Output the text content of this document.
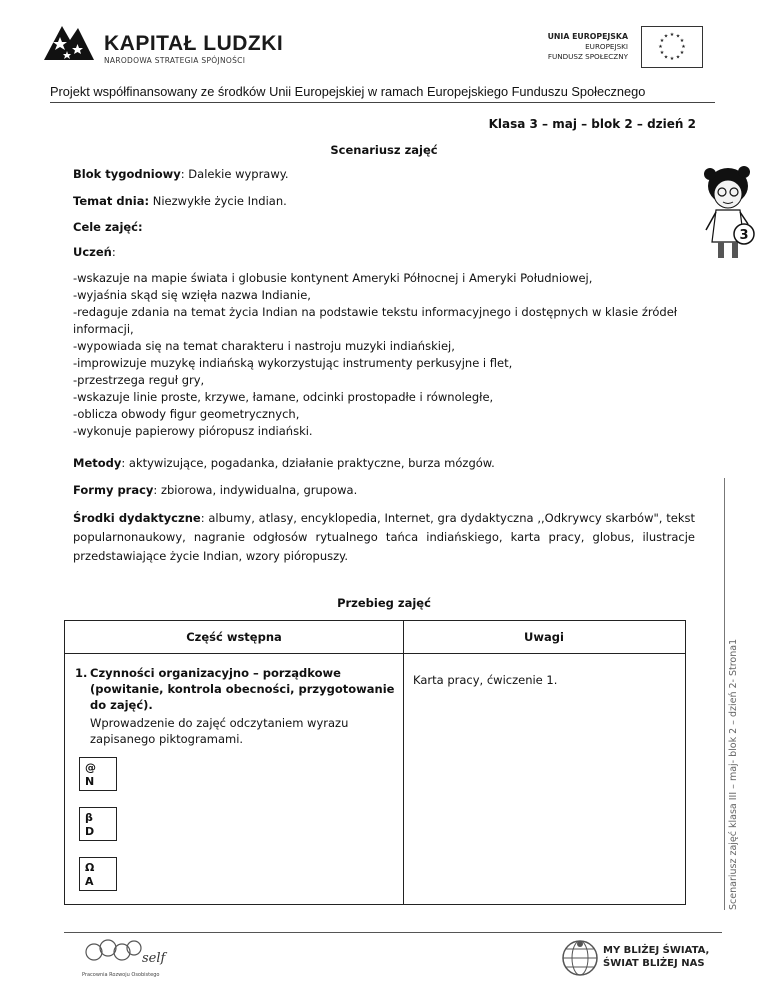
KAPITAŁ LUDZKI
NARODOWA STRATEGIA SPÓJNOŚCI
UNIA EUROPEJSKA
EUROPEJSKI
FUNDUSZ SPOŁECZNY
★ ★
★
★
★
★
★
★
★
★
★
★
Projekt współfinansowany ze środków Unii Europejskiej w ramach Europejskiego Funduszu Społecznego
Klasa 3 – maj – blok 2 – dzień 2
Scenariusz zajęć
Blok tygodniowy: Dalekie wyprawy.
Temat dnia: Niezwykłe życie Indian.
Cele zajęć:
Uczeń:
-wskazuje na mapie świata i globusie kontynent Ameryki Północnej i Ameryki Południowej,
-wyjaśnia skąd się wzięła nazwa Indianie,
-redaguje zdania na temat życia Indian na podstawie tekstu informacyjnego i dostępnych w klasie źródeł informacji,
-wypowiada się na temat charakteru i nastroju muzyki indiańskiej,
-improwizuje muzykę indiańską wykorzystując instrumenty perkusyjne i flet,
-przestrzega reguł gry,
-wskazuje linie proste, krzywe, łamane, odcinki prostopadłe i równoległe,
-oblicza obwody figur geometrycznych,
-wykonuje papierowy pióropusz indiański.
Metody: aktywizujące, pogadanka, działanie praktyczne, burza mózgów.
Formy pracy: zbiorowa, indywidualna, grupowa.
Środki dydaktyczne: albumy, atlasy, encyklopedia, Internet, gra dydaktyczna ,,Odkrywcy skarbów", tekst popularnonaukowy, nagranie odgłosów rytualnego tańca indiańskiego, karta pracy, globus, ilustracje przedstawiające życie Indian, wzory pióropuszy.
Przebieg zajęć
3
Scenariusz zajęć klasa III – maj- blok 2 – dzień 2- Strona1
Część wstępna	Uwagi
1. Czynności organizacyjno – porządkowe (powitanie, kontrola obecności, przygotowanie do zajęć).
Wprowadzenie do zajęć odczytaniem wyrazu zapisanego piktogramami.
Karta pracy, ćwiczenie 1.
@
N
β
D
Ω
A
self
Pracownia Rozwoju Osobistego
MY BLIŻEJ ŚWIATA,
ŚWIAT BLIŻEJ NAS
